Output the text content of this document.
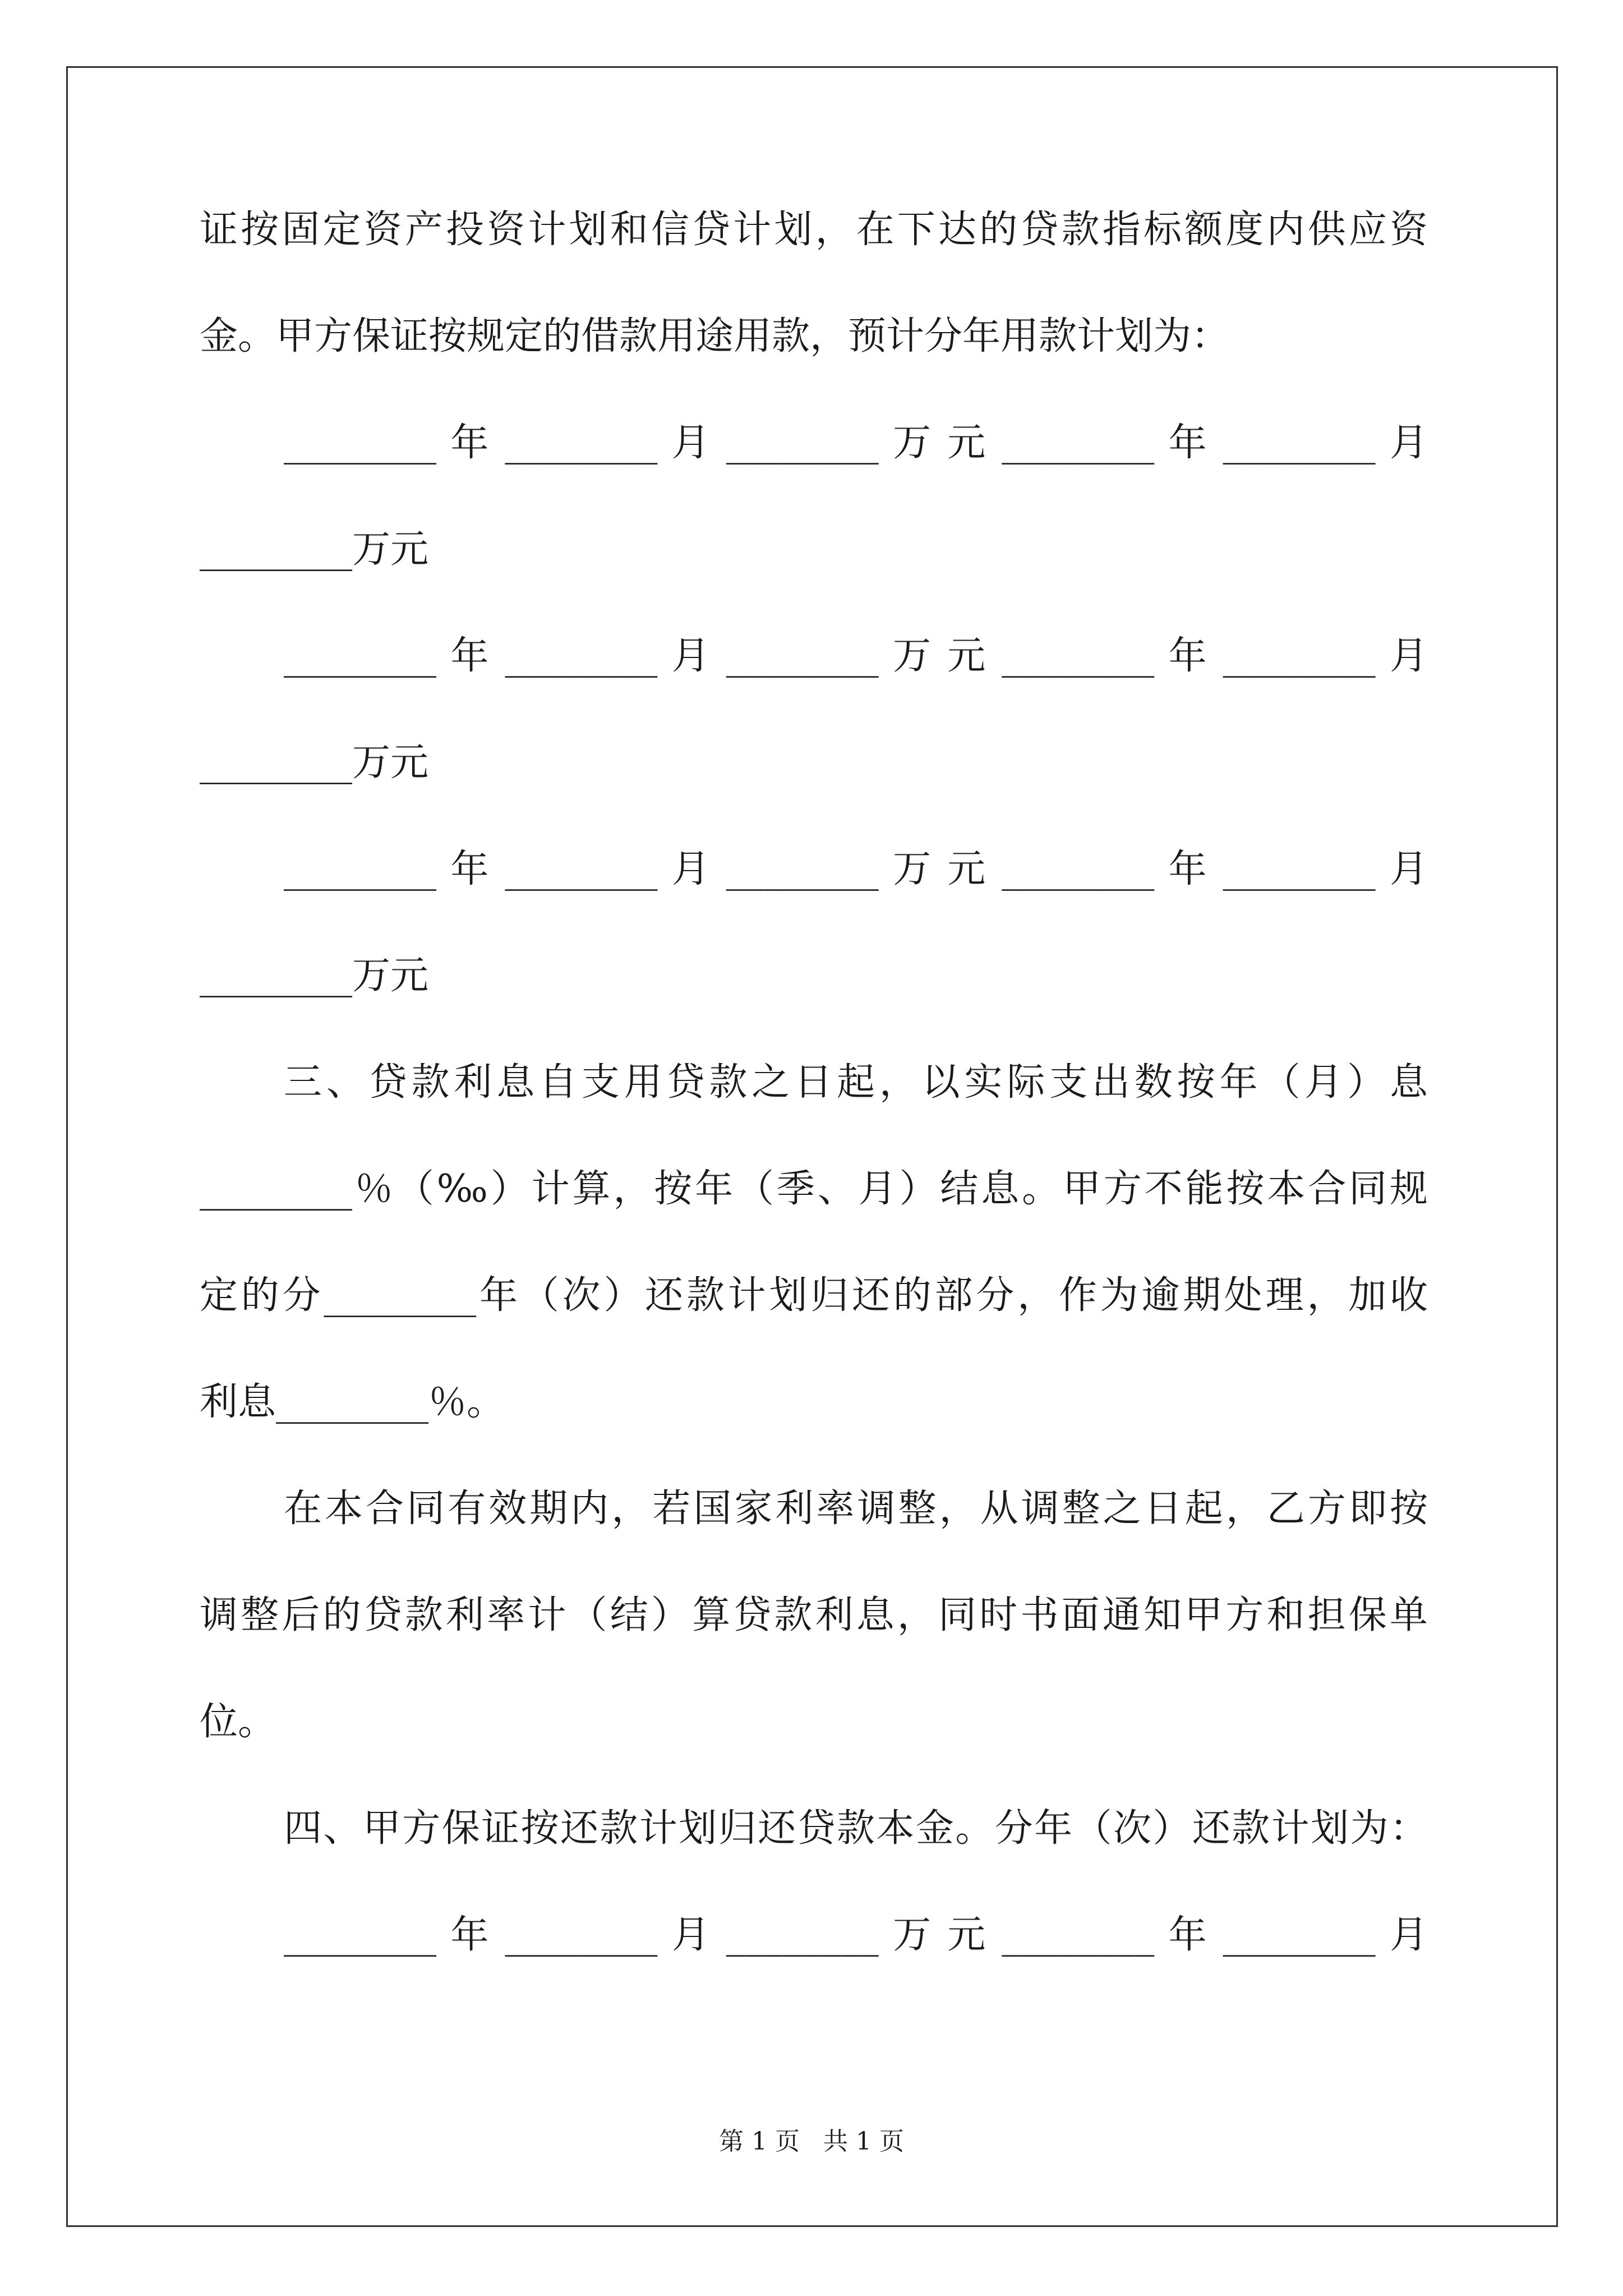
证按固定资产投资计划和信贷计划，在下达的贷款指标额度内供应资
金。甲方保证按规定的借款用途用款，预计分年用款计划为：
________ 年 ________ 月 ________ 万 元 ________ 年 ________ 月
________万元
________ 年 ________ 月 ________ 万 元 ________ 年 ________ 月
________万元
________ 年 ________ 月 ________ 万 元 ________ 年 ________ 月
________万元
三、贷款利息自支用贷款之日起，以实际支出数按年（月）息
________％（‰）计算，按年（季、月）结息。甲方不能按本合同规
定的分________年（次）还款计划归还的部分，作为逾期处理，加收
利息________％。
在本合同有效期内，若国家利率调整，从调整之日起，乙方即按
调整后的贷款利率计（结）算贷款利息，同时书面通知甲方和担保单
位。
四、甲方保证按还款计划归还贷款本金。分年（次）还款计划为：
________ 年 ________ 月 ________ 万 元 ________ 年 ________ 月
第 1 页   共 1 页
